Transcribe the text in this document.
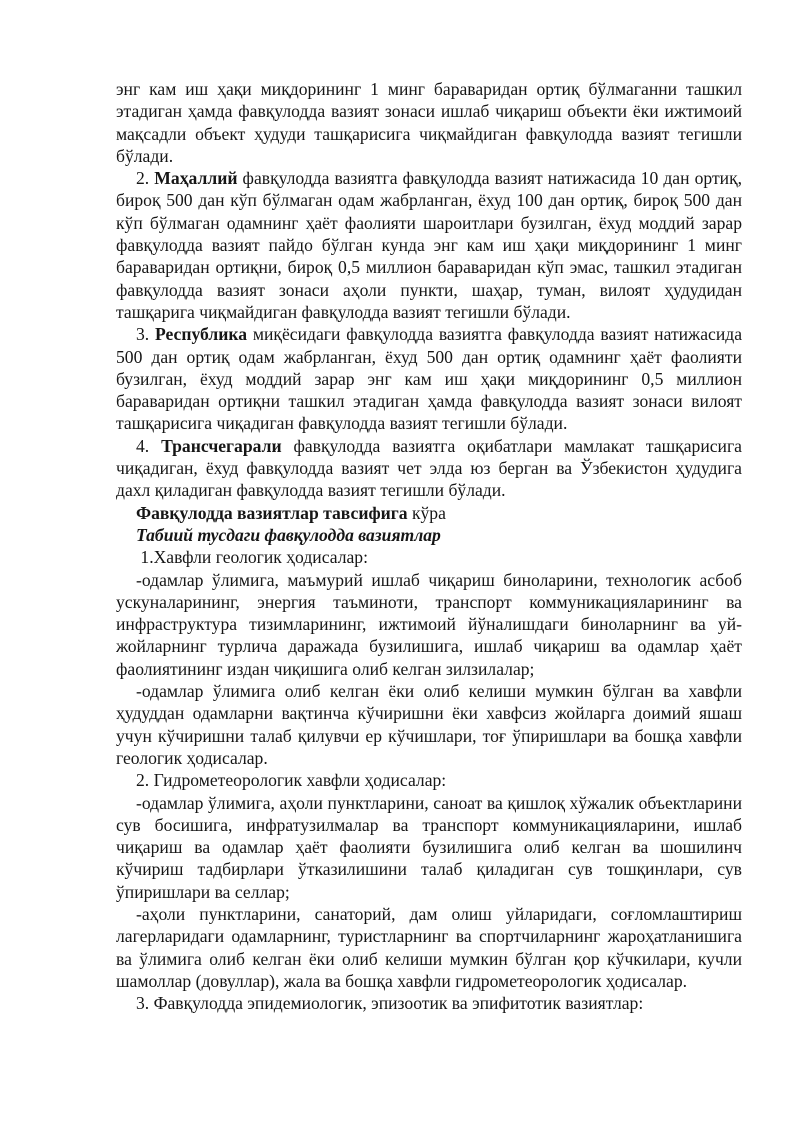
энг кам иш ҳақи миқдорининг 1 минг бараваридан ортиқ бўлмаганни ташкил этадиган ҳамда фавқулодда вазият зонаси ишлаб чиқариш объекти ёки ижтимоий мақсадли объект ҳудуди ташқарисига чиқмайдиган фавқулодда вазият тегишли бўлади.

2. Маҳаллий фавқулодда вазиятга фавқулодда вазият натижасида 10 дан ортиқ, бироқ 500 дан кўп бўлмаган одам жабрланган, ёхуд 100 дан ортиқ, бироқ 500 дан кўп бўлмаган одамнинг ҳаёт фаолияти шароитлари бузилган, ёхуд моддий зарар фавқулодда вазият пайдо бўлган кунда энг кам иш ҳақи миқдорининг 1 минг бараваридан ортиқни, бироқ 0,5 миллион бараваридан кўп эмас, ташкил этадиган фавқулодда вазият зонаси аҳоли пункти, шаҳар, туман, вилоят ҳудудидан ташқарига чиқмайдиган фавқулодда вазият тегишли бўлади.

3. Республика миқёсидаги фавқулодда вазиятга фавқулодда вазият натижасида 500 дан ортиқ одам жабрланган, ёхуд 500 дан ортиқ одамнинг ҳаёт фаолияти бузилган, ёхуд моддий зарар энг кам иш ҳақи миқдорининг 0,5 миллион бараваридан ортиқни ташкил этадиган ҳамда фавқулодда вазият зонаси вилоят ташқарисига чиқадиган фавқулодда вазият тегишли бўлади.

4. Трансчегарали фавқулодда вазиятга оқибатлари мамлакат ташқарисига чиқадиган, ёхуд фавқулодда вазият чет элда юз берган ва Ўзбекистон ҳудудига дахл қиладиган фавқулодда вазият тегишли бўлади.

Фавқулодда вазиятлар тавсифига кўра

Табиий тусдаги фавқулодда вазиятлар

1.Хавфли геологик ҳодисалар:

-одамлар ўлимига, маъмурий ишлаб чиқариш биноларини, технологик асбоб ускуналарининг, энергия таъминоти, транспорт коммуникацияларининг ва инфраструктура тизимларининг, ижтимоий йўналишдаги биноларнинг ва уй-жойларнинг турлича даражада бузилишига, ишлаб чиқариш ва одамлар ҳаёт фаолиятининг издан чиқишига олиб келган зилзилалар;

-одамлар ўлимига олиб келган ёки олиб келиши мумкин бўлган ва хавфли ҳудуддан одамларни вақтинча кўчиришни ёки хавфсиз жойларга доимий яшаш учун кўчиришни талаб қилувчи ер кўчишлари, тоғ ўпиришлари ва бошқа хавфли геологик ҳодисалар.

2. Гидрометеорологик хавфли ҳодисалар:

-одамлар ўлимига, аҳоли пунктларини, саноат ва қишлоқ хўжалик объектларини сув босишига, инфратузилмалар ва транспорт коммуникацияларини, ишлаб чиқариш ва одамлар ҳаёт фаолияти бузилишига олиб келган ва шошилинч кўчириш тадбирлари ўтказилишини талаб қиладиган сув тошқинлари, сув ўпиришлари ва селлар;

-аҳоли пунктларини, санаторий, дам олиш уйларидаги, соғломлаштириш лагерларидаги одамларнинг, туристларнинг ва спортчиларнинг жароҳатланишига ва ўлимига олиб келган ёки олиб келиши мумкин бўлган қор кўчкилари, кучли шамоллар (довуллар), жала ва бошқа хавфли гидрометеорологик ҳодисалар.

3. Фавқулодда эпидемиологик, эпизоотик ва эпифитотик вазиятлар:
